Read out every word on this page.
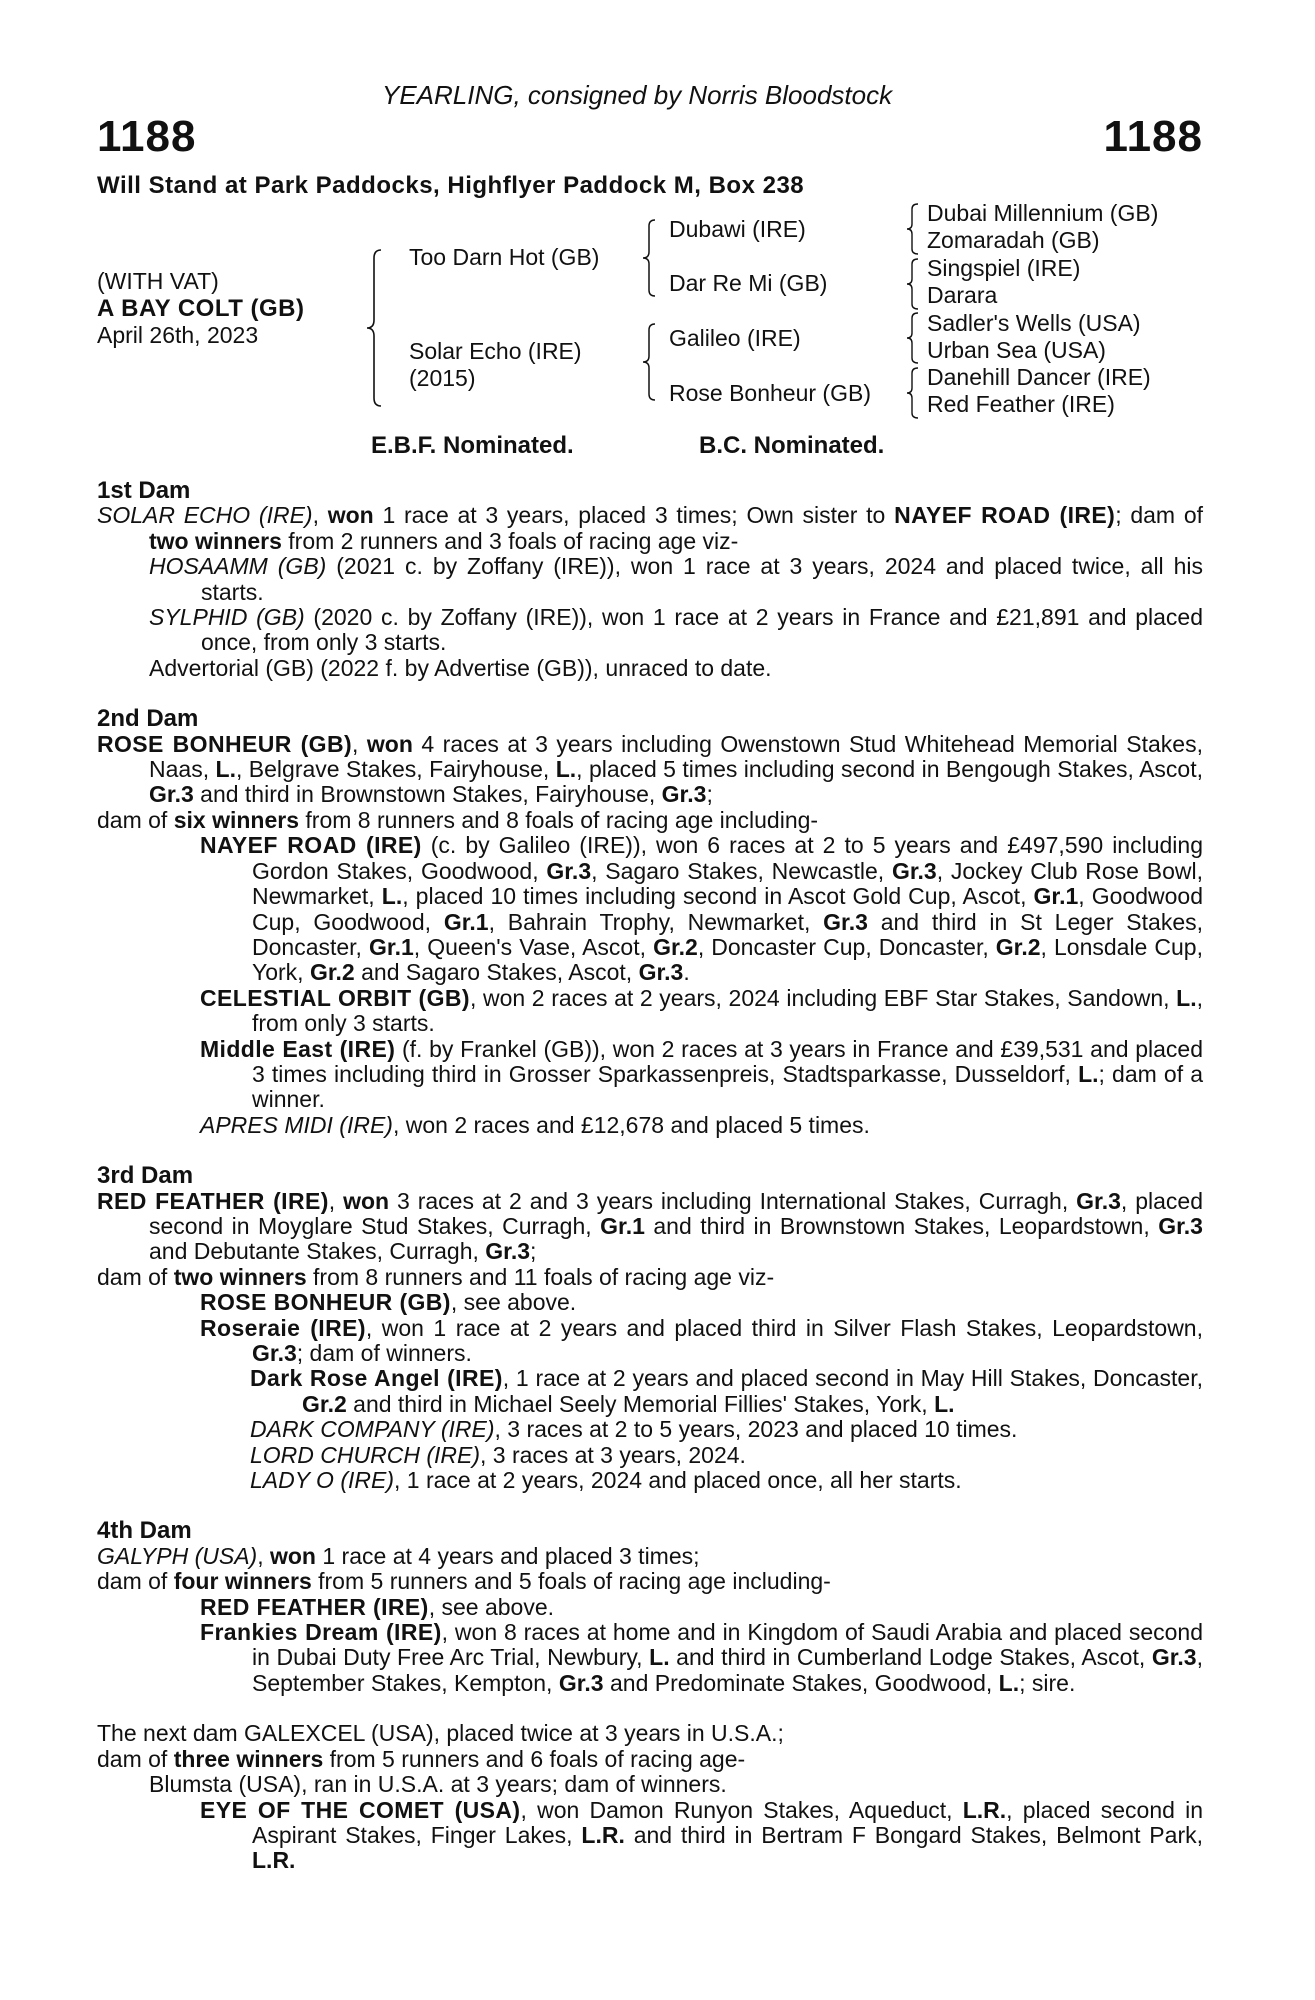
YEARLING, consigned by Norris Bloodstock
1188	1188
Will Stand at Park Paddocks, Highflyer Paddock M, Box 238
(WITH VAT)
A BAY COLT (GB)
April 26th, 2023
Too Darn Hot (GB)
Solar Echo (IRE)
(2015)
Dubawi (IRE)
Dar Re Mi (GB)
Galileo (IRE)
Rose Bonheur (GB)
Dubai Millennium (GB)
Zomaradah (GB)
Singspiel (IRE)
Darara
Sadler's Wells (USA)
Urban Sea (USA)
Danehill Dancer (IRE)
Red Feather (IRE)
E.B.F. Nominated.	B.C. Nominated.
1st Dam
SOLAR ECHO (IRE), won 1 race at 3 years, placed 3 times; Own sister to NAYEF ROAD (IRE); dam of two winners from 2 runners and 3 foals of racing age viz-
HOSAAMM (GB) (2021 c. by Zoffany (IRE)), won 1 race at 3 years, 2024 and placed twice, all his starts.
SYLPHID (GB) (2020 c. by Zoffany (IRE)), won 1 race at 2 years in France and £21,891 and placed once, from only 3 starts.
Advertorial (GB) (2022 f. by Advertise (GB)), unraced to date.
2nd Dam
ROSE BONHEUR (GB), won 4 races at 3 years including Owenstown Stud Whitehead Memorial Stakes, Naas, L., Belgrave Stakes, Fairyhouse, L., placed 5 times including second in Bengough Stakes, Ascot, Gr.3 and third in Brownstown Stakes, Fairyhouse, Gr.3;
dam of six winners from 8 runners and 8 foals of racing age including-
NAYEF ROAD (IRE) (c. by Galileo (IRE)), won 6 races at 2 to 5 years and £497,590 including Gordon Stakes, Goodwood, Gr.3, Sagaro Stakes, Newcastle, Gr.3, Jockey Club Rose Bowl, Newmarket, L., placed 10 times including second in Ascot Gold Cup, Ascot, Gr.1, Goodwood Cup, Goodwood, Gr.1, Bahrain Trophy, Newmarket, Gr.3 and third in St Leger Stakes, Doncaster, Gr.1, Queen's Vase, Ascot, Gr.2, Doncaster Cup, Doncaster, Gr.2, Lonsdale Cup, York, Gr.2 and Sagaro Stakes, Ascot, Gr.3.
CELESTIAL ORBIT (GB), won 2 races at 2 years, 2024 including EBF Star Stakes, Sandown, L., from only 3 starts.
Middle East (IRE) (f. by Frankel (GB)), won 2 races at 3 years in France and £39,531 and placed 3 times including third in Grosser Sparkassenpreis, Stadtsparkasse, Dusseldorf, L.; dam of a winner.
APRES MIDI (IRE), won 2 races and £12,678 and placed 5 times.
3rd Dam
RED FEATHER (IRE), won 3 races at 2 and 3 years including International Stakes, Curragh, Gr.3, placed second in Moyglare Stud Stakes, Curragh, Gr.1 and third in Brownstown Stakes, Leopardstown, Gr.3 and Debutante Stakes, Curragh, Gr.3;
dam of two winners from 8 runners and 11 foals of racing age viz-
ROSE BONHEUR (GB), see above.
Roseraie (IRE), won 1 race at 2 years and placed third in Silver Flash Stakes, Leopardstown, Gr.3; dam of winners.
Dark Rose Angel (IRE), 1 race at 2 years and placed second in May Hill Stakes, Doncaster, Gr.2 and third in Michael Seely Memorial Fillies' Stakes, York, L.
DARK COMPANY (IRE), 3 races at 2 to 5 years, 2023 and placed 10 times.
LORD CHURCH (IRE), 3 races at 3 years, 2024.
LADY O (IRE), 1 race at 2 years, 2024 and placed once, all her starts.
4th Dam
GALYPH (USA), won 1 race at 4 years and placed 3 times;
dam of four winners from 5 runners and 5 foals of racing age including-
RED FEATHER (IRE), see above.
Frankies Dream (IRE), won 8 races at home and in Kingdom of Saudi Arabia and placed second in Dubai Duty Free Arc Trial, Newbury, L. and third in Cumberland Lodge Stakes, Ascot, Gr.3, September Stakes, Kempton, Gr.3 and Predominate Stakes, Goodwood, L.; sire.
The next dam GALEXCEL (USA), placed twice at 3 years in U.S.A.;
dam of three winners from 5 runners and 6 foals of racing age-
Blumsta (USA), ran in U.S.A. at 3 years; dam of winners.
EYE OF THE COMET (USA), won Damon Runyon Stakes, Aqueduct, L.R., placed second in Aspirant Stakes, Finger Lakes, L.R. and third in Bertram F Bongard Stakes, Belmont Park, L.R.
